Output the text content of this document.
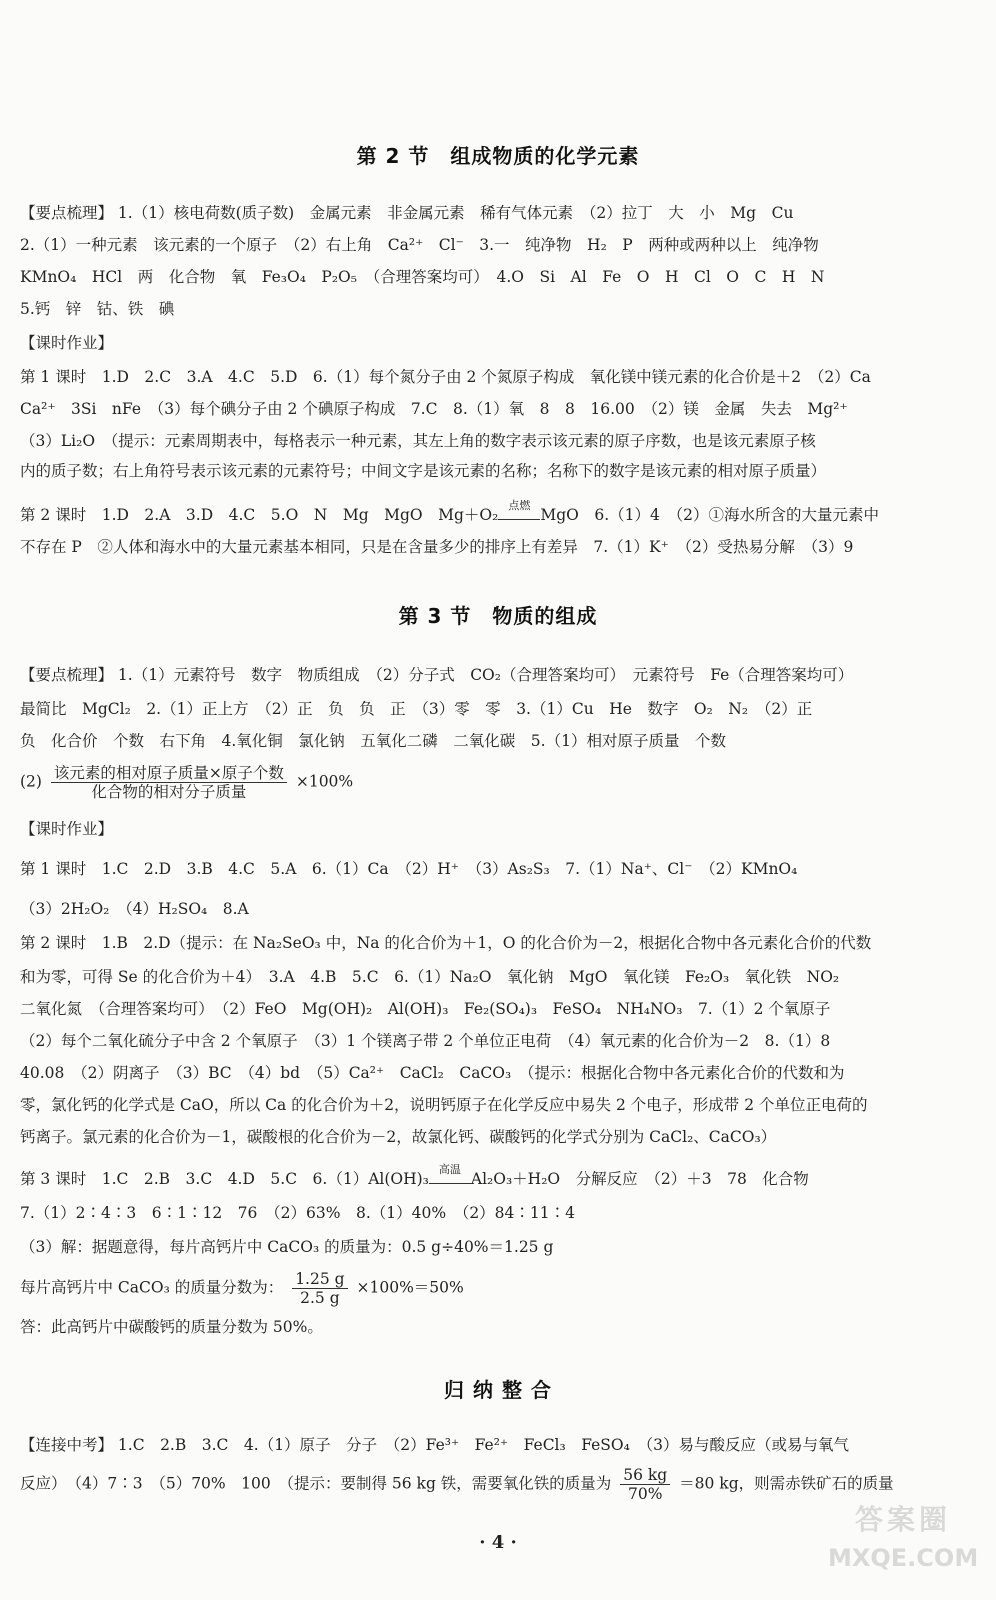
第 2 节　组成物质的化学元素
【要点梳理】 1.（1）核电荷数(质子数)　金属元素　非金属元素　稀有气体元素　（2）拉丁　大　小　Mg　Cu
2.（1）一种元素　该元素的一个原子　（2）右上角　Ca²⁺　Cl⁻　3.一　纯净物　H₂　P　两种或两种以上　纯净物
KMnO₄　HCl　两　化合物　氧　Fe₃O₄　P₂O₅　（合理答案均可）　4.O　Si　Al　Fe　O　H　Cl　O　C　H　N
5.钙　锌　钴、铁　碘
【课时作业】
第 1 课时　1.D　2.C　3.A　4.C　5.D　6.（1）每个氮分子由 2 个氮原子构成　氧化镁中镁元素的化合价是＋2　（2）Ca
Ca²⁺　3Si　nFe　（3）每个碘分子由 2 个碘原子构成　7.C　8.（1）氧　8　8　16.00　（2）镁　金属　失去　Mg²⁺
（3）Li₂O　（提示：元素周期表中，每格表示一种元素，其左上角的数字表示该元素的原子序数，也是该元素原子核
内的质子数；右上角符号表示该元素的元素符号；中间文字是该元素的名称；名称下的数字是该元素的相对原子质量）
第 2 课时　1.D　2.A　3.D　4.C　5.O　N　Mg　MgO　Mg＋O₂
点燃
MgO　6.（1）4　（2）①海水所含的大量元素中
不存在 P　②人体和海水中的大量元素基本相同，只是在含量多少的排序上有差异　7.（1）K⁺　（2）受热易分解　（3）9
第 3 节　物质的组成
【要点梳理】 1.（1）元素符号　数字　物质组成　（2）分子式　CO₂（合理答案均可）　元素符号　Fe（合理答案均可）
最简比　MgCl₂　2.（1）正上方　（2）正　负　负　正　（3）零　零　3.（1）Cu　He　数字　O₂　N₂　（2）正
负　化合价　个数　右下角　4.氧化铜　氯化钠　五氧化二磷　二氧化碳　5.（1）相对原子质量　个数
$(2) \frac{\text{该元素的相对原子质量×原子个数}}{\text{化合物的相对分子质量}} \times 100\%$
【课时作业】
第 1 课时　1.C　2.D　3.B　4.C　5.A　6.（1）Ca　（2）H⁺　（3）As₂S₃　7.（1）Na⁺、Cl⁻　（2）KMnO₄
（3）2H₂O₂　（4）H₂SO₄　8.A
第 2 课时　1.B　2.D（提示：在 Na₂SeO₃ 中，Na 的化合价为＋1，O 的化合价为－2，根据化合物中各元素化合价的代数
和为零，可得 Se 的化合价为＋4）　3.A　4.B　5.C　6.（1）Na₂O　氧化钠　MgO　氧化镁　Fe₂O₃　氧化铁　NO₂
二氧化氮　（合理答案均可）　（2）FeO　Mg(OH)₂　Al(OH)₃　Fe₂(SO₄)₃　FeSO₄　NH₄NO₃　7.（1）2 个氧原子
（2）每个二氧化硫分子中含 2 个氧原子　（3）1 个镁离子带 2 个单位正电荷　（4）氧元素的化合价为－2　8.（1）8
40.08　（2）阴离子　（3）BC　（4）bd　（5）Ca²⁺　CaCl₂　CaCO₃　（提示：根据化合物中各元素化合价的代数和为
零，氯化钙的化学式是 CaO，所以 Ca 的化合价为＋2，说明钙原子在化学反应中易失 2 个电子，形成带 2 个单位正电荷的
钙离子。氯元素的化合价为－1，碳酸根的化合价为－2，故氯化钙、碳酸钙的化学式分别为 CaCl₂、CaCO₃）
第 3 课时　1.C　2.B　3.C　4.D　5.C　6.（1）Al(OH)₃
高温
Al₂O₃＋H₂O　分解反应　（2）＋3　78　化合物
7.（1）2∶4∶3　6∶1∶12　76　（2）63%　8.（1）40%　（2）84∶11∶4
（3）解：据题意得，每片高钙片中 CaCO₃ 的质量为：0.5 g÷40%＝1.25 g
每片高钙片中 CaCO₃ 的质量分数为： $\frac{1.25 g}{2.5 g} \times 100\%=50\%$
答：此高钙片中碳酸钙的质量分数为 50%。
归 纳 整 合
【连接中考】 1.C　2.B　3.C　4.（1）原子　分子　（2）Fe³⁺　Fe²⁺　FeCl₃　FeSO₄　（3）易与酸反应（或易与氧气
反应）　（4）7∶3　（5）70%　100　（提示：要制得 56 kg 铁，需要氧化铁的质量为 $\frac{56 kg}{70\%} =80$ kg，则需赤铁矿石的质量
· 4 ·
答案圈
MXQE.COM
